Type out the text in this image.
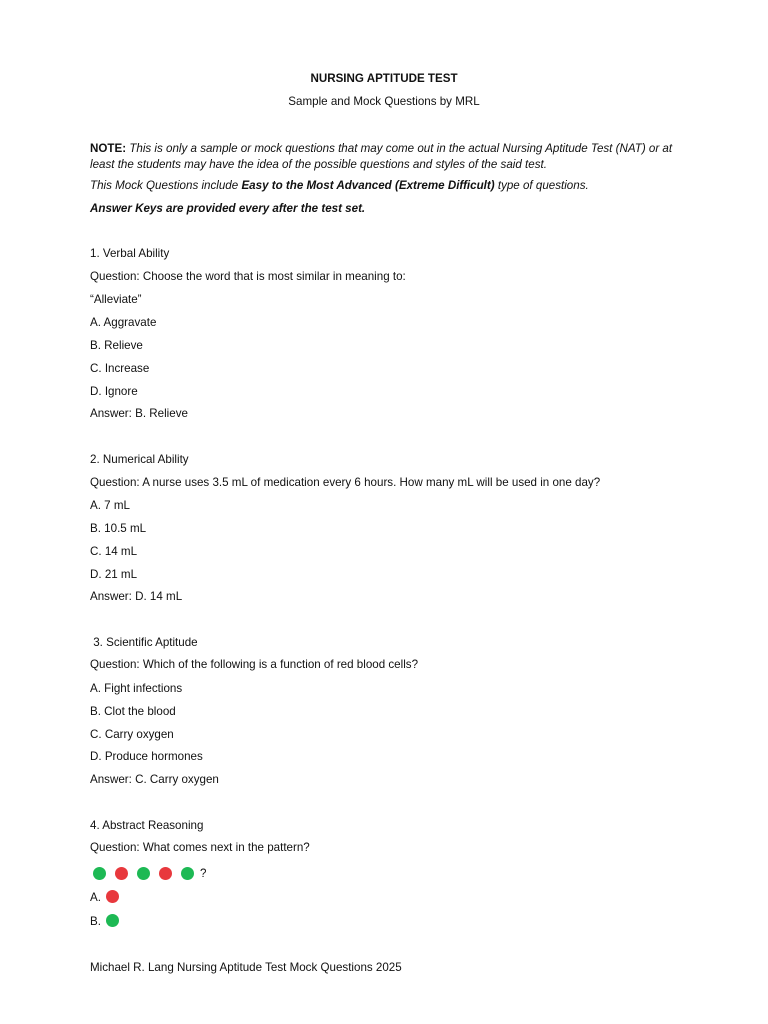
NURSING APTITUDE TEST
Sample and Mock Questions by MRL
NOTE: This is only a sample or mock questions that may come out in the actual Nursing Aptitude Test (NAT) or at least the students may have the idea of the possible questions and styles of the said test.
This Mock Questions include Easy to the Most Advanced (Extreme Difficult) type of questions.
Answer Keys are provided every after the test set.
1. Verbal Ability
Question: Choose the word that is most similar in meaning to:
“Alleviate”
A. Aggravate
B. Relieve
C. Increase
D. Ignore
Answer: B. Relieve
2. Numerical Ability
Question: A nurse uses 3.5 mL of medication every 6 hours. How many mL will be used in one day?
A. 7 mL
B. 10.5 mL
C. 14 mL
D. 21 mL
Answer: D. 14 mL
3. Scientific Aptitude
Question: Which of the following is a function of red blood cells?
A. Fight infections
B. Clot the blood
C. Carry oxygen
D. Produce hormones
Answer: C. Carry oxygen
4. Abstract Reasoning
Question: What comes next in the pattern?
?
A.
B.
Michael R. Lang Nursing Aptitude Test Mock Questions 2025
